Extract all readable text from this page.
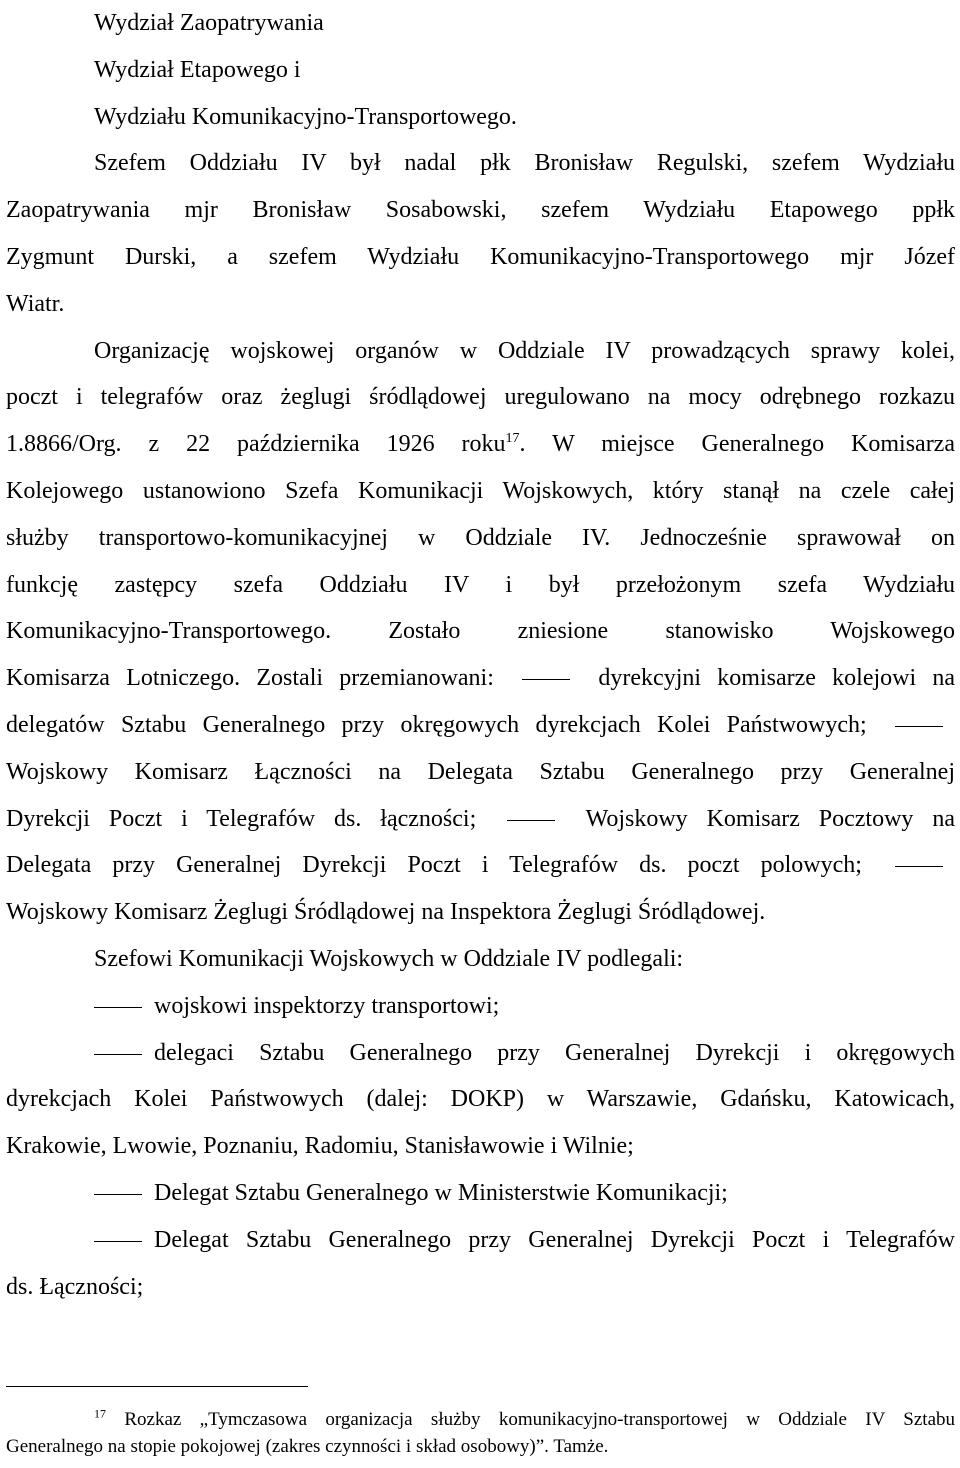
Wydział Zaopatrywania
Wydział Etapowego i
Wydziału Komunikacyjno-Transportowego.
Szefem Oddziału IV był nadal płk Bronisław Regulski, szefem Wydziału
Zaopatrywania mjr Bronisław Sosabowski, szefem Wydziału Etapowego ppłk
Zygmunt Durski, a szefem Wydziału Komunikacyjno-Transportowego mjr Józef
Wiatr.
Organizację wojskowej organów w Oddziale IV prowadzących sprawy kolei,
poczt i telegrafów oraz żeglugi śródlądowej uregulowano na mocy odrębnego rozkazu
1.8866/Org. z 22 października 1926 roku$^{17}$. W miejsce Generalnego Komisarza
Kolejowego ustanowiono Szefa Komunikacji Wojskowych, który stanął na czele całej
służby transportowo-komunikacyjnej w Oddziale IV. Jednocześnie sprawował on
funkcję zastępcy szefa Oddziału IV i był przełożonym szefa Wydziału
Komunikacyjno-Transportowego. Zostało zniesione stanowisko Wojskowego
Komisarza Lotniczego. Zostali przemianowani:	dyrekcyjni komisarze kolejowi na
delegatów Sztabu Generalnego przy okręgowych dyrekcjach Kolei Państwowych;
Wojskowy Komisarz Łączności na Delegata Sztabu Generalnego przy Generalnej
Dyrekcji Poczt i Telegrafów ds. łączności;	Wojskowy Komisarz Pocztowy na
Delegata przy Generalnej Dyrekcji Poczt i Telegrafów ds. poczt polowych;
Wojskowy Komisarz Żeglugi Śródlądowej na Inspektora Żeglugi Śródlądowej.
Szefowi Komunikacji Wojskowych w Oddziale IV podlegali:
wojskowi inspektorzy transportowi;
delegaci Sztabu Generalnego przy Generalnej Dyrekcji i okręgowych
dyrekcjach Kolei Państwowych (dalej: DOKP) w Warszawie, Gdańsku, Katowicach,
Krakowie, Lwowie, Poznaniu, Radomiu, Stanisławowie i Wilnie;
Delegat Sztabu Generalnego w Ministerstwie Komunikacji;
Delegat Sztabu Generalnego przy Generalnej Dyrekcji Poczt i Telegrafów
ds. Łączności;
$^{17}$ Rozkaz „Tymczasowa organizacja służby komunikacyjno-transportowej w Oddziale IV Sztabu
Generalnego na stopie pokojowej (zakres czynności i skład osobowy)”. Tamże.
